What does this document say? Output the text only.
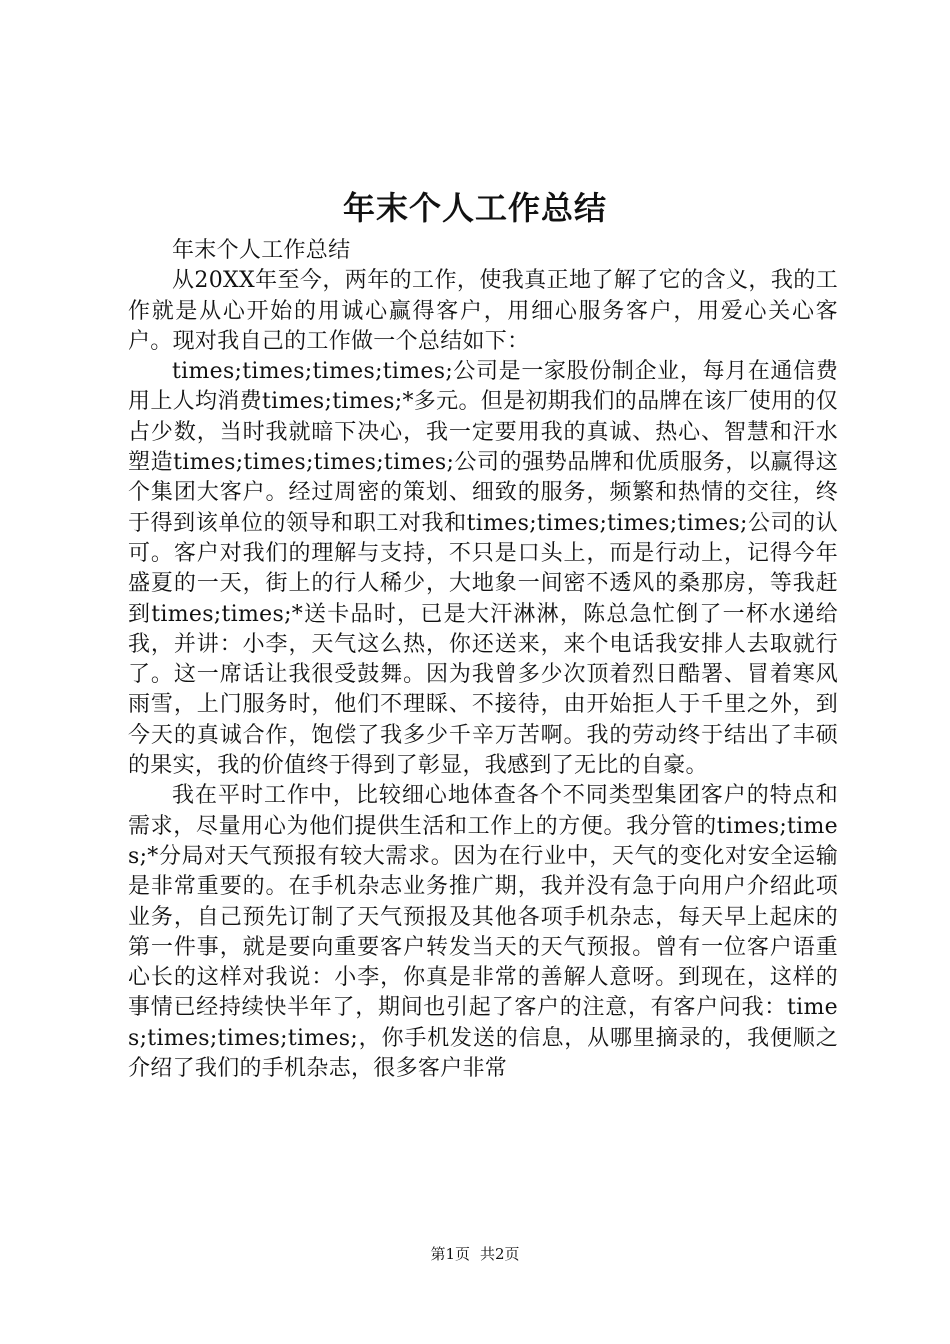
年末个人工作总结

年末个人工作总结

从20XX年至今，两年的工作，使我真正地了解了它的含义，我的工作就是从心开始的用诚心赢得客户，用细心服务客户，用爱心关心客户。现对我自己的工作做一个总结如下：

times;times;times;times;公司是一家股份制企业，每月在通信费用上人均消费times;times;*多元。但是初期我们的品牌在该厂使用的仅占少数，当时我就暗下决心，我一定要用我的真诚、热心、智慧和汗水塑造times;times;times;times;公司的强势品牌和优质服务，以赢得这个集团大客户。经过周密的策划、细致的服务，频繁和热情的交往，终于得到该单位的领导和职工对我和times;times;times;times;公司的认可。客户对我们的理解与支持，不只是口头上，而是行动上，记得今年盛夏的一天，街上的行人稀少，大地象一间密不透风的桑那房，等我赶到times;times;*送卡品时，已是大汗淋淋，陈总急忙倒了一杯水递给我，并讲：小李，天气这么热，你还送来，来个电话我安排人去取就行了。这一席话让我很受鼓舞。因为我曾多少次顶着烈日酷署、冒着寒风雨雪，上门服务时，他们不理睬、不接待，由开始拒人于千里之外，到今天的真诚合作，饱偿了我多少千辛万苦啊。我的劳动终于结出了丰硕的果实，我的价值终于得到了彰显，我感到了无比的自豪。

我在平时工作中，比较细心地体查各个不同类型集团客户的特点和需求，尽量用心为他们提供生活和工作上的方便。我分管的times;times;*分局对天气预报有较大需求。因为在行业中，天气的变化对安全运输是非常重要的。在手机杂志业务推广期，我并没有急于向用户介绍此项业务，自己预先订制了天气预报及其他各项手机杂志，每天早上起床的第一件事，就是要向重要客户转发当天的天气预报。曾有一位客户语重心长的这样对我说：小李，你真是非常的善解人意呀。到现在，这样的事情已经持续快半年了，期间也引起了客户的注意，有客户问我：times;times;times;times;，你手机发送的信息，从哪里摘录的，我便顺之介绍了我们的手机杂志，很多客户非常

第1页 共2页
